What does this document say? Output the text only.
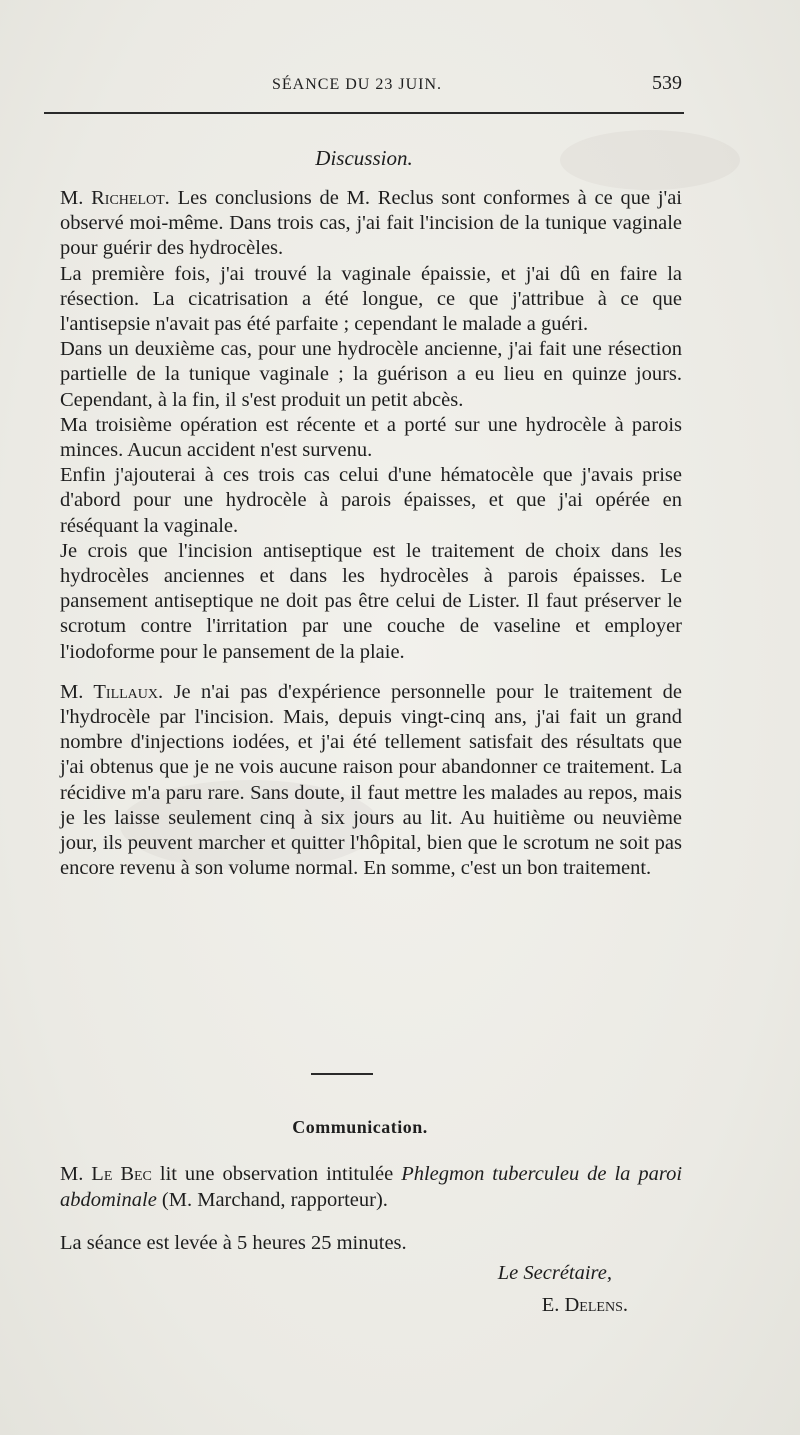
SÉANCE DU 23 JUIN.	539
Discussion.

M. Richelot. Les conclusions de M. Reclus sont conformes à ce que j'ai observé moi-même. Dans trois cas, j'ai fait l'incision de la tunique vaginale pour guérir des hydrocèles.

La première fois, j'ai trouvé la vaginale épaissie, et j'ai dû en faire la résection. La cicatrisation a été longue, ce que j'attribue à ce que l'antisepsie n'avait pas été parfaite ; cependant le malade a guéri.

Dans un deuxième cas, pour une hydrocèle ancienne, j'ai fait une résection partielle de la tunique vaginale ; la guérison a eu lieu en quinze jours. Cependant, à la fin, il s'est produit un petit abcès.

Ma troisième opération est récente et a porté sur une hydrocèle à parois minces. Aucun accident n'est survenu.

Enfin j'ajouterai à ces trois cas celui d'une hématocèle que j'avais prise d'abord pour une hydrocèle à parois épaisses, et que j'ai opérée en réséquant la vaginale.

Je crois que l'incision antiseptique est le traitement de choix dans les hydrocèles anciennes et dans les hydrocèles à parois épaisses. Le pansement antiseptique ne doit pas être celui de Lister. Il faut préserver le scrotum contre l'irritation par une couche de vaseline et employer l'iodoforme pour le pansement de la plaie.

M. Tillaux. Je n'ai pas d'expérience personnelle pour le traitement de l'hydrocèle par l'incision. Mais, depuis vingt-cinq ans, j'ai fait un grand nombre d'injections iodées, et j'ai été tellement satisfait des résultats que j'ai obtenus que je ne vois aucune raison pour abandonner ce traitement. La récidive m'a paru rare. Sans doute, il faut mettre les malades au repos, mais je les laisse seulement cinq à six jours au lit. Au huitième ou neuvième jour, ils peuvent marcher et quitter l'hôpital, bien que le scrotum ne soit pas encore revenu à son volume normal. En somme, c'est un bon traitement.

Communication.

M. Le Bec lit une observation intitulée Phlegmon tuberculeu de la paroi abdominale (M. Marchand, rapporteur).

La séance est levée à 5 heures 25 minutes.
Le Secrétaire,
E. Delens.
